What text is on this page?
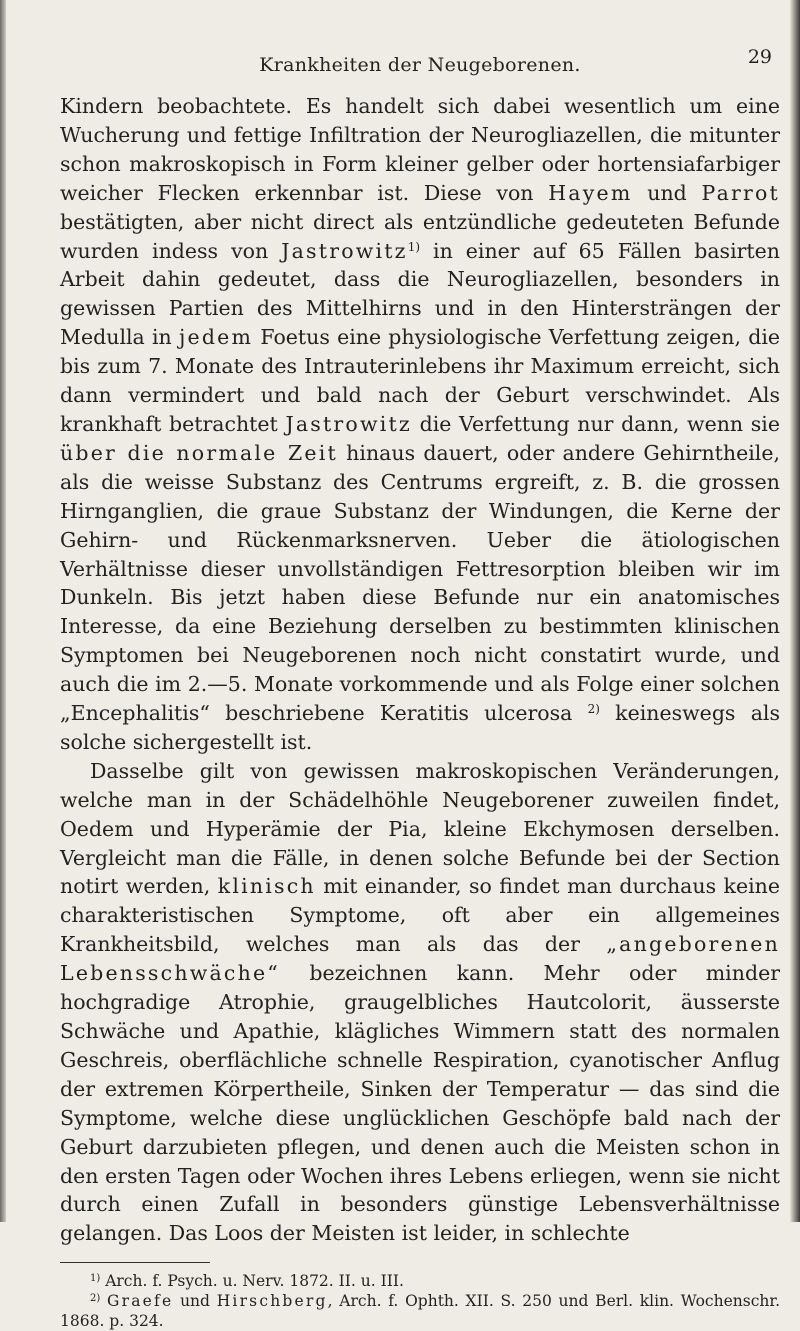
Krankheiten der Neugeborenen.	29

Kindern beobachtete. Es handelt sich dabei wesentlich um eine Wucherung und fettige Infiltration der Neurogliazellen, die mitunter schon makroskopisch in Form kleiner gelber oder hortensiafarbiger weicher Flecken erkennbar ist. Diese von Hayem und Parrot bestätigten, aber nicht direct als entzündliche gedeuteten Befunde wurden indess von Jastrowitz$^{1)}$ in einer auf 65 Fällen basirten Arbeit dahin gedeutet, dass die Neurogliazellen, besonders in gewissen Partien des Mittelhirns und in den Hintersträngen der Medulla in jedem Foetus eine physiologische Verfettung zeigen, die bis zum 7. Monate des Intrauterinlebens ihr Maximum erreicht, sich dann vermindert und bald nach der Geburt verschwindet. Als krankhaft betrachtet Jastrowitz die Verfettung nur dann, wenn sie über die normale Zeit hinaus dauert, oder andere Gehirntheile, als die weisse Substanz des Centrums ergreift, z. B. die grossen Hirnganglien, die graue Substanz der Windungen, die Kerne der Gehirn- und Rückenmarksnerven. Ueber die ätiologischen Verhältnisse dieser unvollständigen Fettresorption bleiben wir im Dunkeln. Bis jetzt haben diese Befunde nur ein anatomisches Interesse, da eine Beziehung derselben zu bestimmten klinischen Symptomen bei Neugeborenen noch nicht constatirt wurde, und auch die im 2.—5. Monate vorkommende und als Folge einer solchen „Encephalitis“ beschriebene Keratitis ulcerosa $^{2)}$ keineswegs als solche sichergestellt ist.

Dasselbe gilt von gewissen makroskopischen Veränderungen, welche man in der Schädelhöhle Neugeborener zuweilen findet, Oedem und Hyperämie der Pia, kleine Ekchymosen derselben. Vergleicht man die Fälle, in denen solche Befunde bei der Section notirt werden, klinisch mit einander, so findet man durchaus keine charakteristischen Symptome, oft aber ein allgemeines Krankheitsbild, welches man als das der „angeborenen Lebensschwäche“ bezeichnen kann. Mehr oder minder hochgradige Atrophie, graugelbliches Hautcolorit, äusserste Schwäche und Apathie, klägliches Wimmern statt des normalen Geschreis, oberflächliche schnelle Respiration, cyanotischer Anflug der extremen Körpertheile, Sinken der Temperatur — das sind die Symptome, welche diese unglücklichen Geschöpfe bald nach der Geburt darzubieten pflegen, und denen auch die Meisten schon in den ersten Tagen oder Wochen ihres Lebens erliegen, wenn sie nicht durch einen Zufall in besonders günstige Lebensverhältnisse gelangen. Das Loos der Meisten ist leider, in schlechte

$^{1)}$ Arch. f. Psych. u. Nerv. 1872. II. u. III.

$^{2)}$ Graefe und Hirschberg, Arch. f. Ophth. XII. S. 250 und Berl. klin. Wochenschr. 1868. p. 324.
